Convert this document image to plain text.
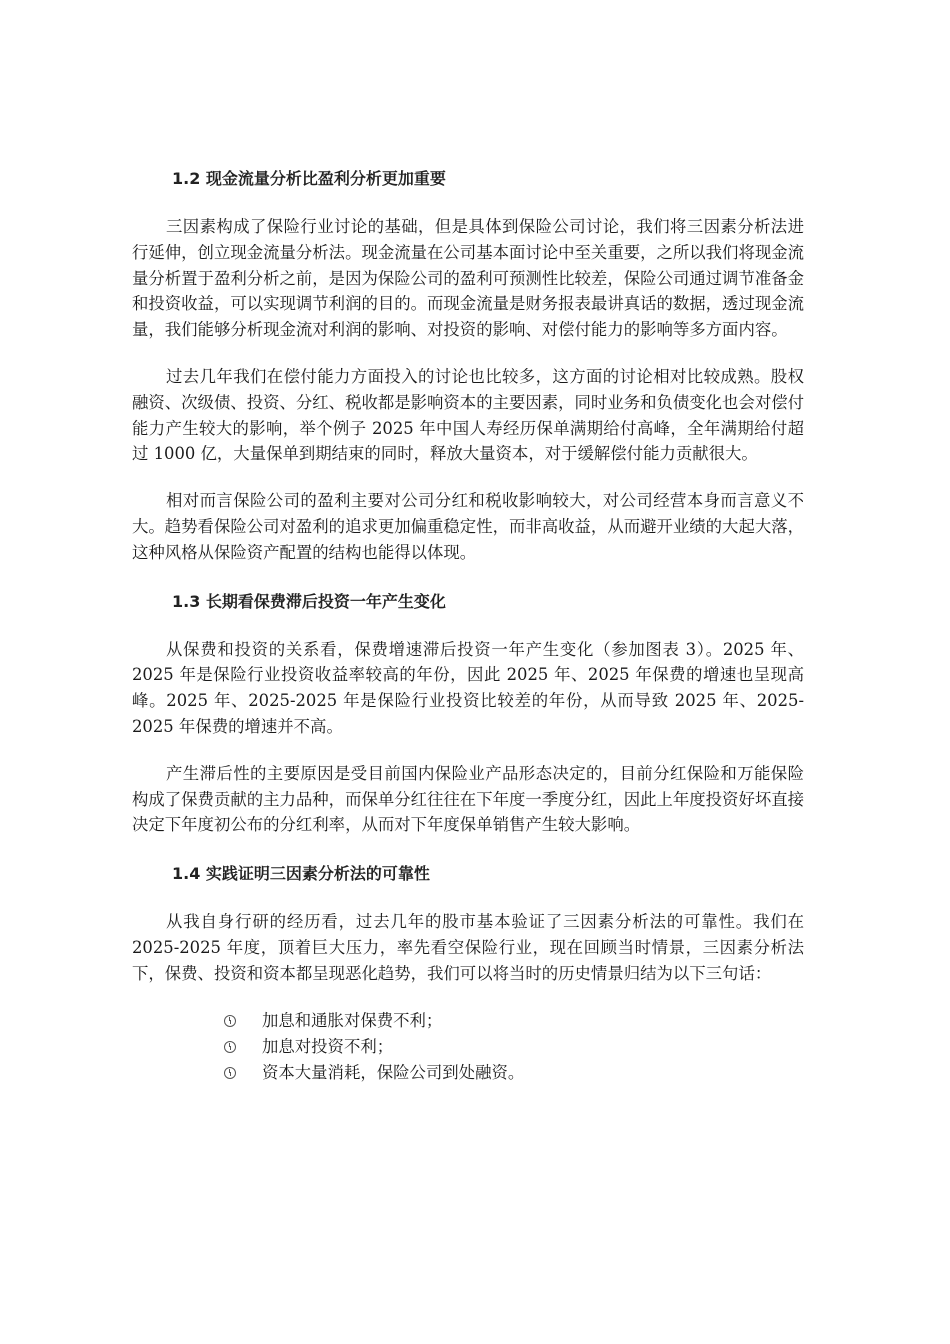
1.2 现金流量分析比盈利分析更加重要

三因素构成了保险行业讨论的基础，但是具体到保险公司讨论，我们将三因素分析法进行延伸，创立现金流量分析法。现金流量在公司基本面讨论中至关重要，之所以我们将现金流量分析置于盈利分析之前，是因为保险公司的盈利可预测性比较差，保险公司通过调节准备金和投资收益，可以实现调节利润的目的。而现金流量是财务报表最讲真话的数据，透过现金流量，我们能够分析现金流对利润的影响、对投资的影响、对偿付能力的影响等多方面内容。

过去几年我们在偿付能力方面投入的讨论也比较多，这方面的讨论相对比较成熟。股权融资、次级债、投资、分红、税收都是影响资本的主要因素，同时业务和负债变化也会对偿付能力产生较大的影响，举个例子 2025 年中国人寿经历保单满期给付高峰，全年满期给付超过 1000 亿，大量保单到期结束的同时，释放大量资本，对于缓解偿付能力贡献很大。

相对而言保险公司的盈利主要对公司分红和税收影响较大，对公司经营本身而言意义不大。趋势看保险公司对盈利的追求更加偏重稳定性，而非高收益，从而避开业绩的大起大落，这种风格从保险资产配置的结构也能得以体现。

1.3 长期看保费滞后投资一年产生变化

从保费和投资的关系看，保费增速滞后投资一年产生变化（参加图表 3）。2025 年、2025 年是保险行业投资收益率较高的年份，因此 2025 年、2025 年保费的增速也呈现高峰。2025 年、2025-2025 年是保险行业投资比较差的年份，从而导致 2025 年、2025-2025 年保费的增速并不高。

产生滞后性的主要原因是受目前国内保险业产品形态决定的，目前分红保险和万能保险构成了保费贡献的主力品种，而保单分红往往在下年度一季度分红，因此上年度投资好坏直接决定下年度初公布的分红利率，从而对下年度保单销售产生较大影响。

1.4 实践证明三因素分析法的可靠性

从我自身行研的经历看，过去几年的股市基本验证了三因素分析法的可靠性。我们在 2025-2025 年度，顶着巨大压力，率先看空保险行业，现在回顾当时情景，三因素分析法下，保费、投资和资本都呈现恶化趋势，我们可以将当时的历史情景归结为以下三句话：

加息和通胀对保费不利；
加息对投资不利；
资本大量消耗，保险公司到处融资。
